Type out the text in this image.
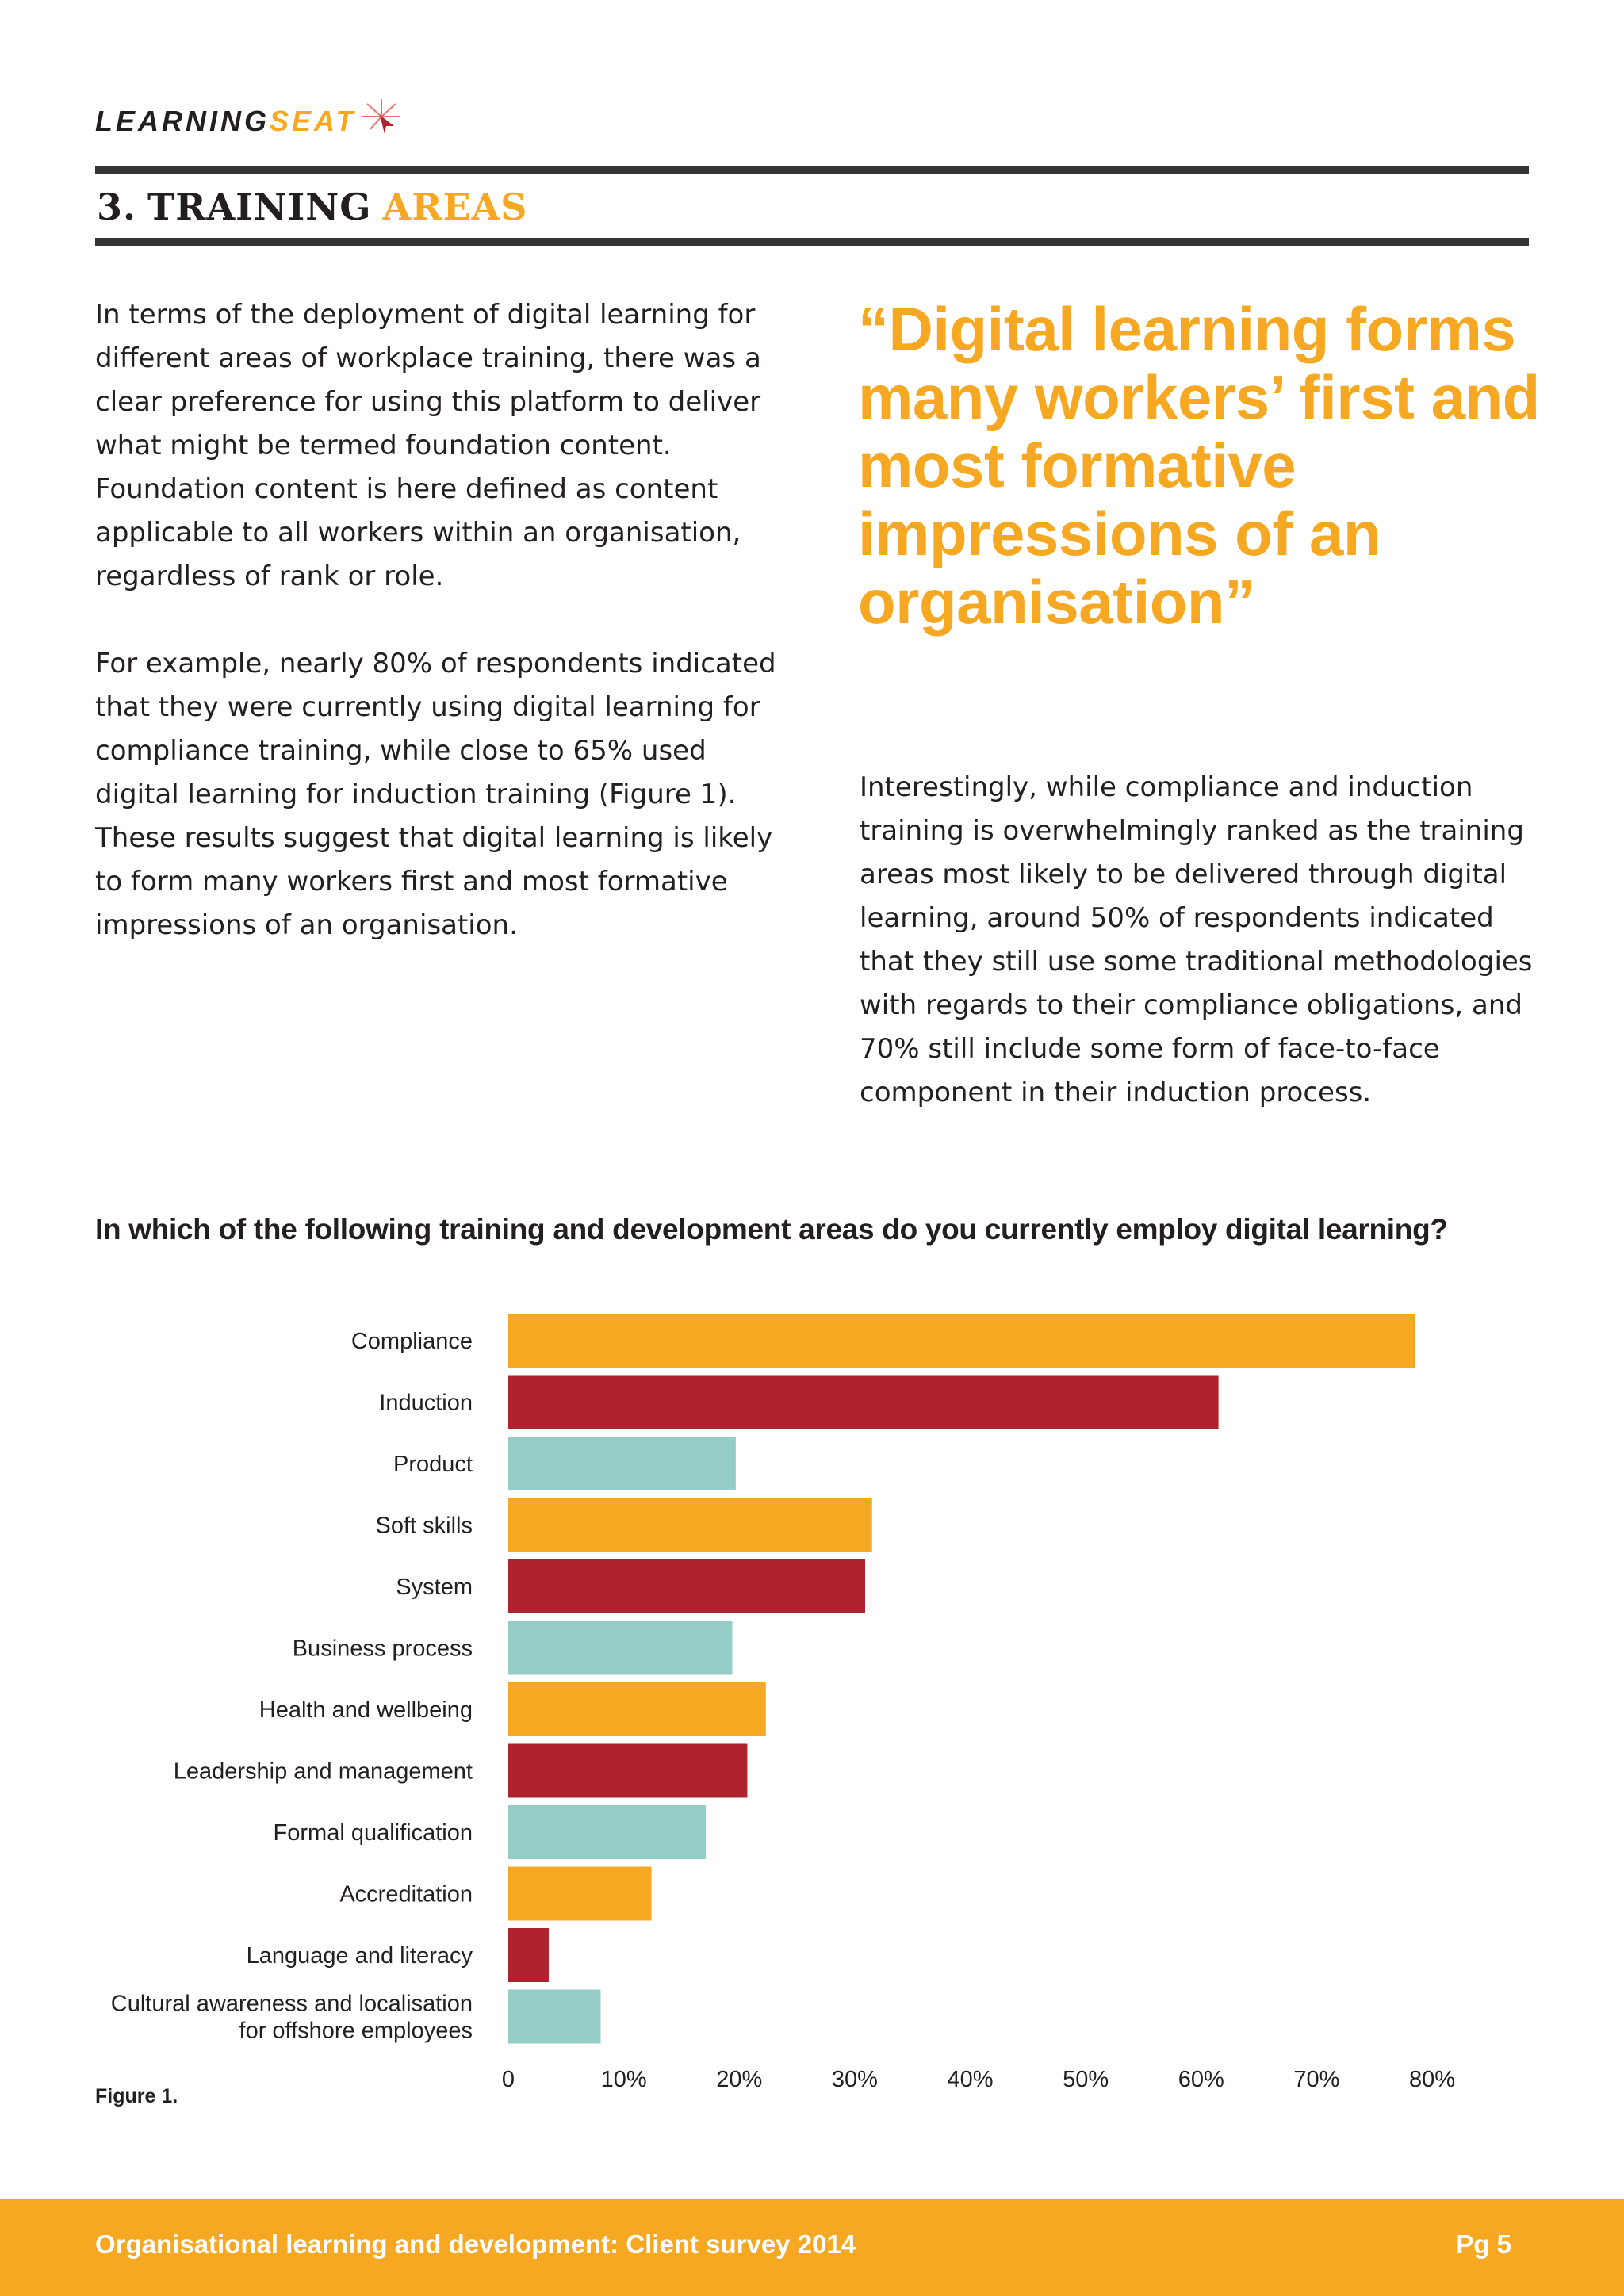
LEARNING SEAT
3. TRAINING AREAS

In terms of the deployment of digital learning for different areas of workplace training, there was a clear preference for using this platform to deliver what might be termed foundation content. Foundation content is here defined as content applicable to all workers within an organisation, regardless of rank or role.

For example, nearly 80% of respondents indicated that they were currently using digital learning for compliance training, while close to 65% used digital learning for induction training (Figure 1). These results suggest that digital learning is likely to form many workers first and most formative impressions of an organisation.

“Digital learning forms many workers’ first and most formative impressions of an organisation”
Interestingly, while compliance and induction training is overwhelmingly ranked as the training areas most likely to be delivered through digital learning, around 50% of respondents indicated that they still use some traditional methodologies with regards to their compliance obligations, and 70% still include some form of face-to-face component in their induction process.
In which of the following training and development areas do you currently employ digital learning?
Compliance
Induction
Product
Soft skills
System
Business process
Health and wellbeing
Leadership and management
Formal qualification
Accreditation
Language and literacy
Cultural awareness and localisation
for offshore employees
0	10%	20%	30%	40%	50%	60%	70%	80%
Figure 1.
Organisational learning and development: Client survey 2014	Pg 5
